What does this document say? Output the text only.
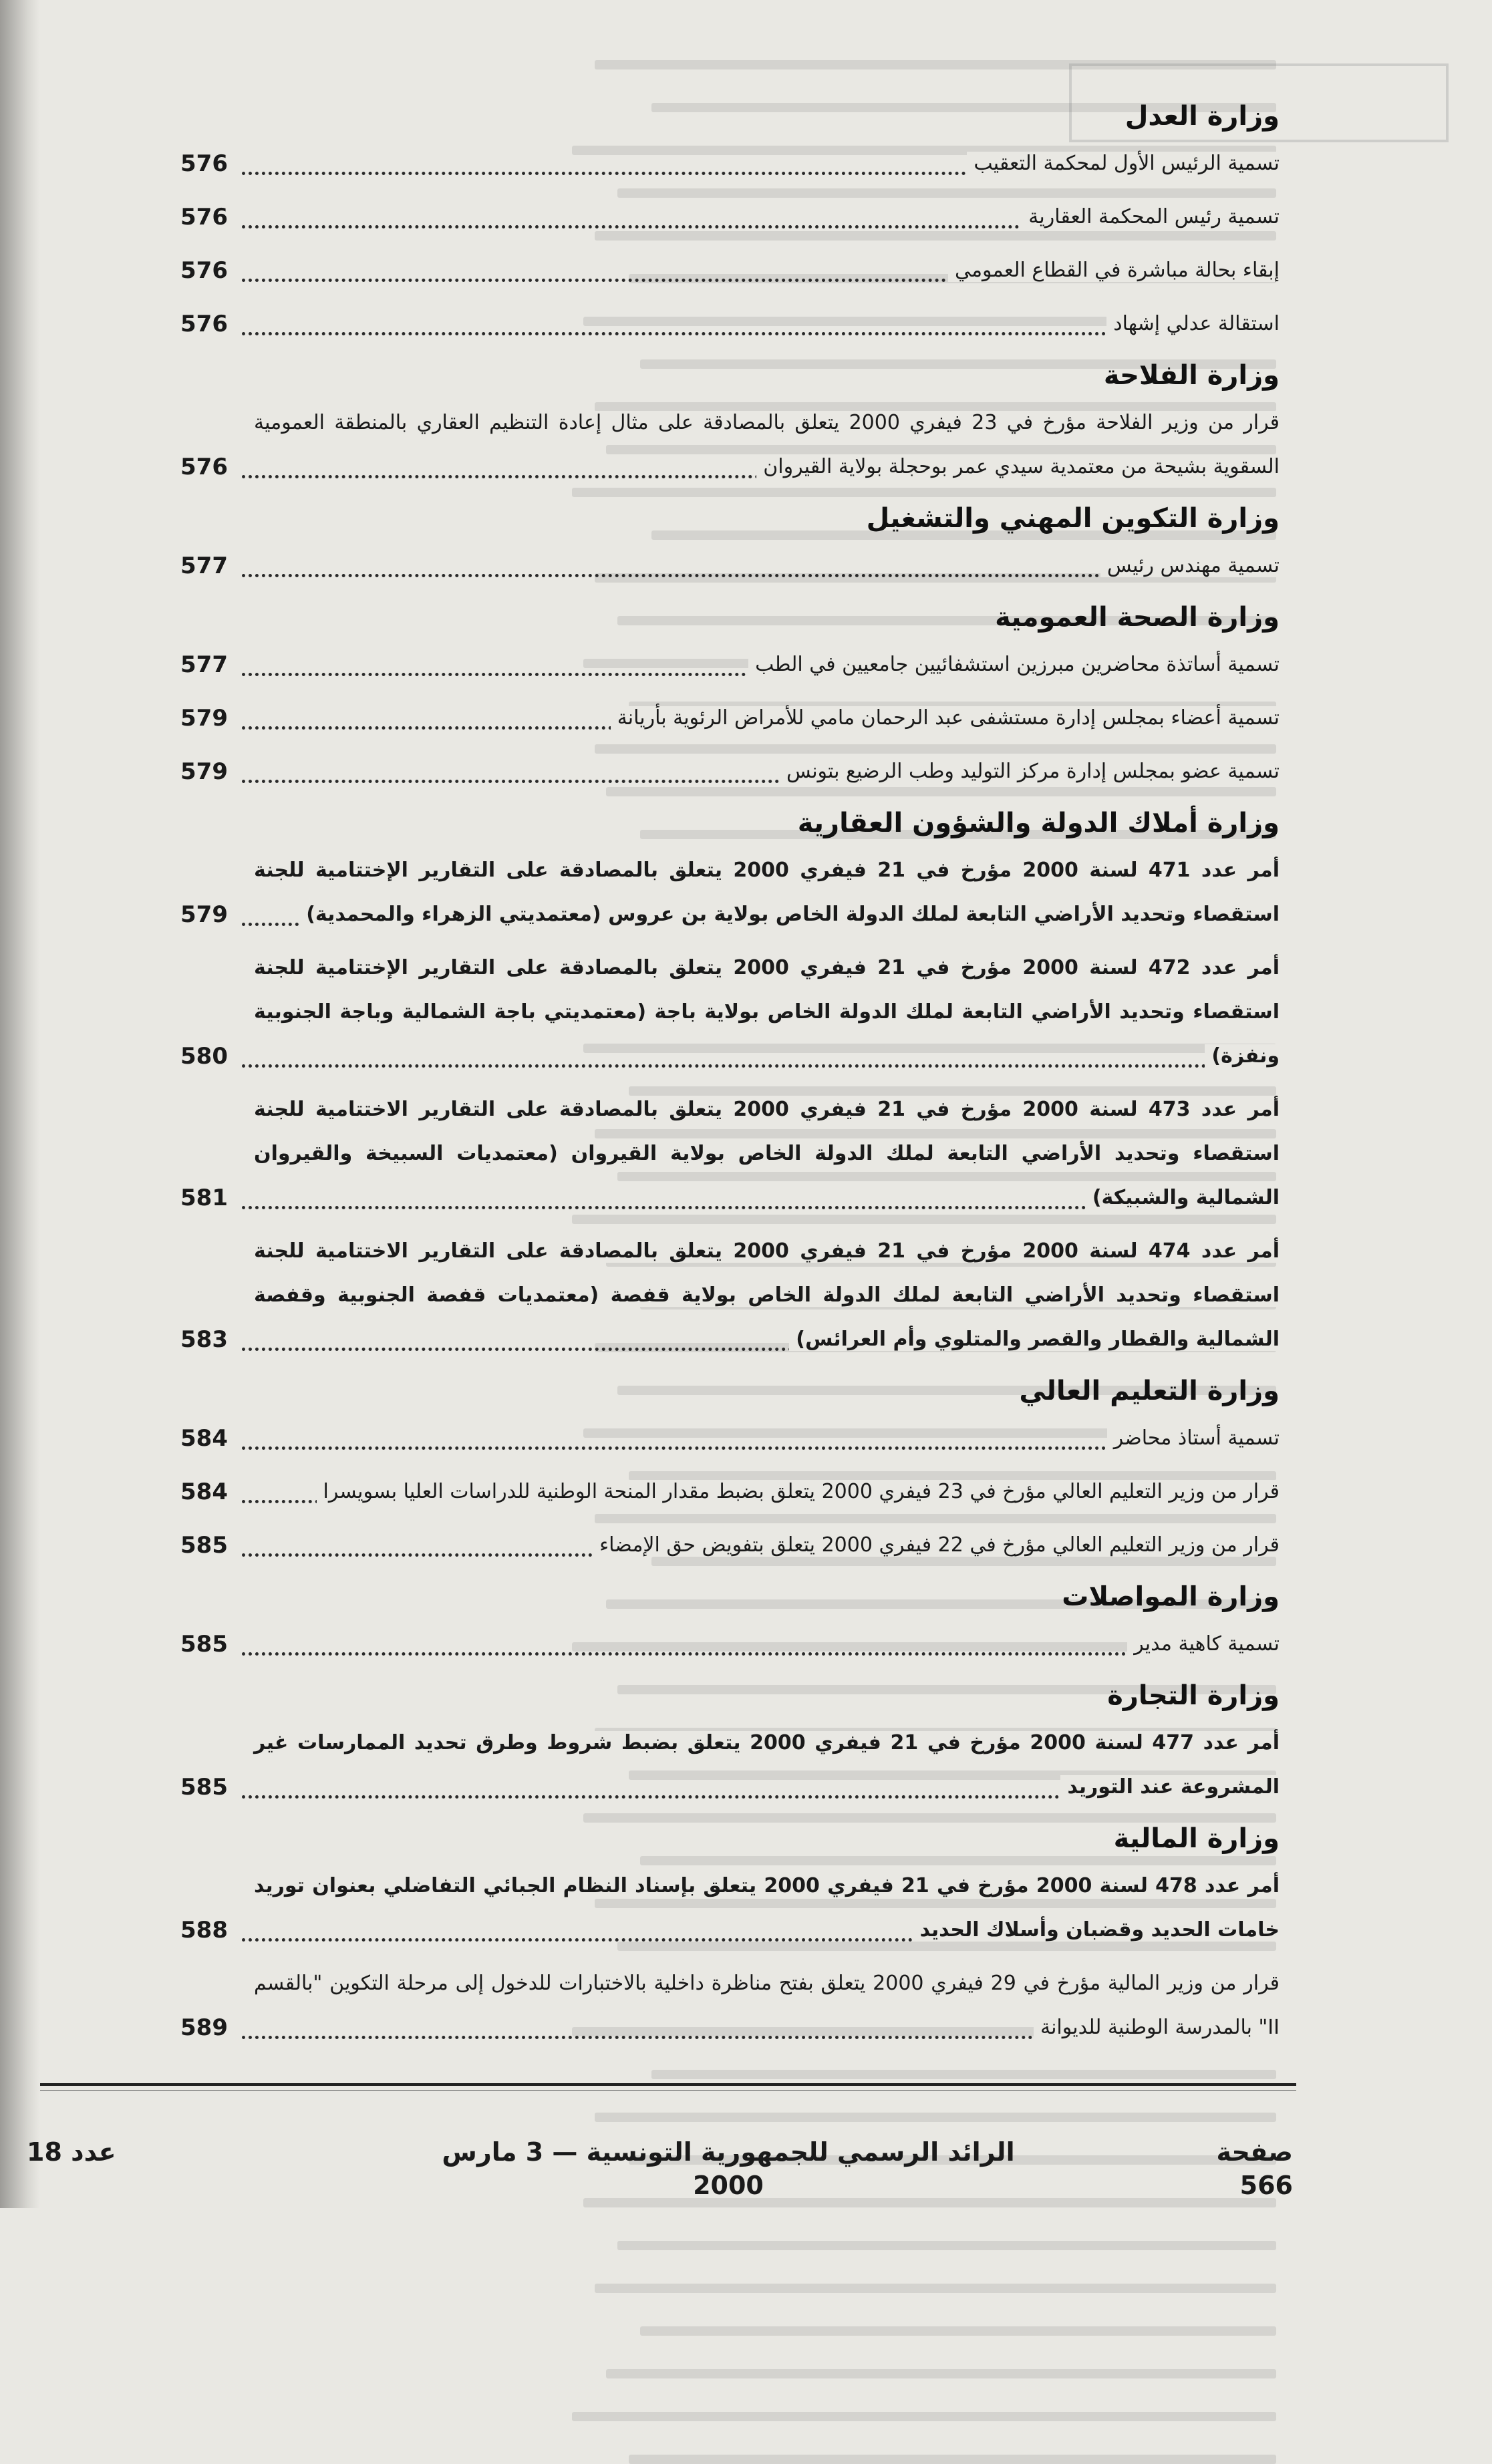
وزارة العدل
تسمية الرئيس الأول لمحكمة التعقيب
576
تسمية رئيس المحكمة العقارية
576
إبقاء بحالة مباشرة في القطاع العمومي
576
استقالة عدلي إشهاد
576
وزارة الفلاحة
قرار من وزير الفلاحة مؤرخ في 23 فيفري 2000 يتعلق بالمصادقة على مثال إعادة التنظيم العقاري بالمنطقة العمومية السقوية بشيحة من معتمدية سيدي عمر بوحجلة بولاية القيروان
576
وزارة التكوين المهني والتشغيل
تسمية مهندس رئيس
577
وزارة الصحة العمومية
تسمية أساتذة محاضرين مبرزين استشفائيين جامعيين في الطب
577
تسمية أعضاء بمجلس إدارة مستشفى عبد الرحمان مامي للأمراض الرئوية بأريانة
579
تسمية عضو بمجلس إدارة مركز التوليد وطب الرضيع بتونس
579
وزارة أملاك الدولة والشؤون العقارية
أمر عدد 471 لسنة 2000 مؤرخ في 21 فيفري 2000 يتعلق بالمصادقة على التقارير الإختتامية للجنة استقصاء وتحديد الأراضي التابعة لملك الدولة الخاص بولاية بن عروس (معتمديتي الزهراء والمحمدية)
579
أمر عدد 472 لسنة 2000 مؤرخ في 21 فيفري 2000 يتعلق بالمصادقة على التقارير الإختتامية للجنة استقصاء وتحديد الأراضي التابعة لملك الدولة الخاص بولاية باجة (معتمديتي باجة الشمالية وباجة الجنوبية ونفزة)
580
أمر عدد 473 لسنة 2000 مؤرخ في 21 فيفري 2000 يتعلق بالمصادقة على التقارير الاختتامية للجنة استقصاء وتحديد الأراضي التابعة لملك الدولة الخاص بولاية القيروان (معتمديات السبيخة والقيروان الشمالية والشبيكة)
581
أمر عدد 474 لسنة 2000 مؤرخ في 21 فيفري 2000 يتعلق بالمصادقة على التقارير الاختتامية للجنة استقصاء وتحديد الأراضي التابعة لملك الدولة الخاص بولاية قفصة (معتمديات قفصة الجنوبية وقفصة الشمالية والقطار والقصر والمتلوي وأم العرائس)
583
وزارة التعليم العالي
تسمية أستاذ محاضر
584
قرار من وزير التعليم العالي مؤرخ في 23 فيفري 2000 يتعلق بضبط مقدار المنحة الوطنية للدراسات العليا بسويسرا
584
قرار من وزير التعليم العالي مؤرخ في 22 فيفري 2000 يتعلق بتفويض حق الإمضاء
585
وزارة المواصلات
تسمية كاهية مدير
585
وزارة التجارة
أمر عدد 477 لسنة 2000 مؤرخ في 21 فيفري 2000 يتعلق بضبط شروط وطرق تحديد الممارسات غير المشروعة عند التوريد
585
وزارة المالية
أمر عدد 478 لسنة 2000 مؤرخ في 21 فيفري 2000 يتعلق بإسناد النظام الجبائي التفاضلي بعنوان توريد خامات الحديد وقضبان وأسلاك الحديد
588
قرار من وزير المالية مؤرخ في 29 فيفري 2000 يتعلق بفتح مناظرة داخلية بالاختبارات للدخول إلى مرحلة التكوين "بالقسم II" بالمدرسة الوطنية للديوانة
589
صفحة 566
الرائد الرسمي للجمهورية التونسية — 3 مارس 2000
عدد 18
